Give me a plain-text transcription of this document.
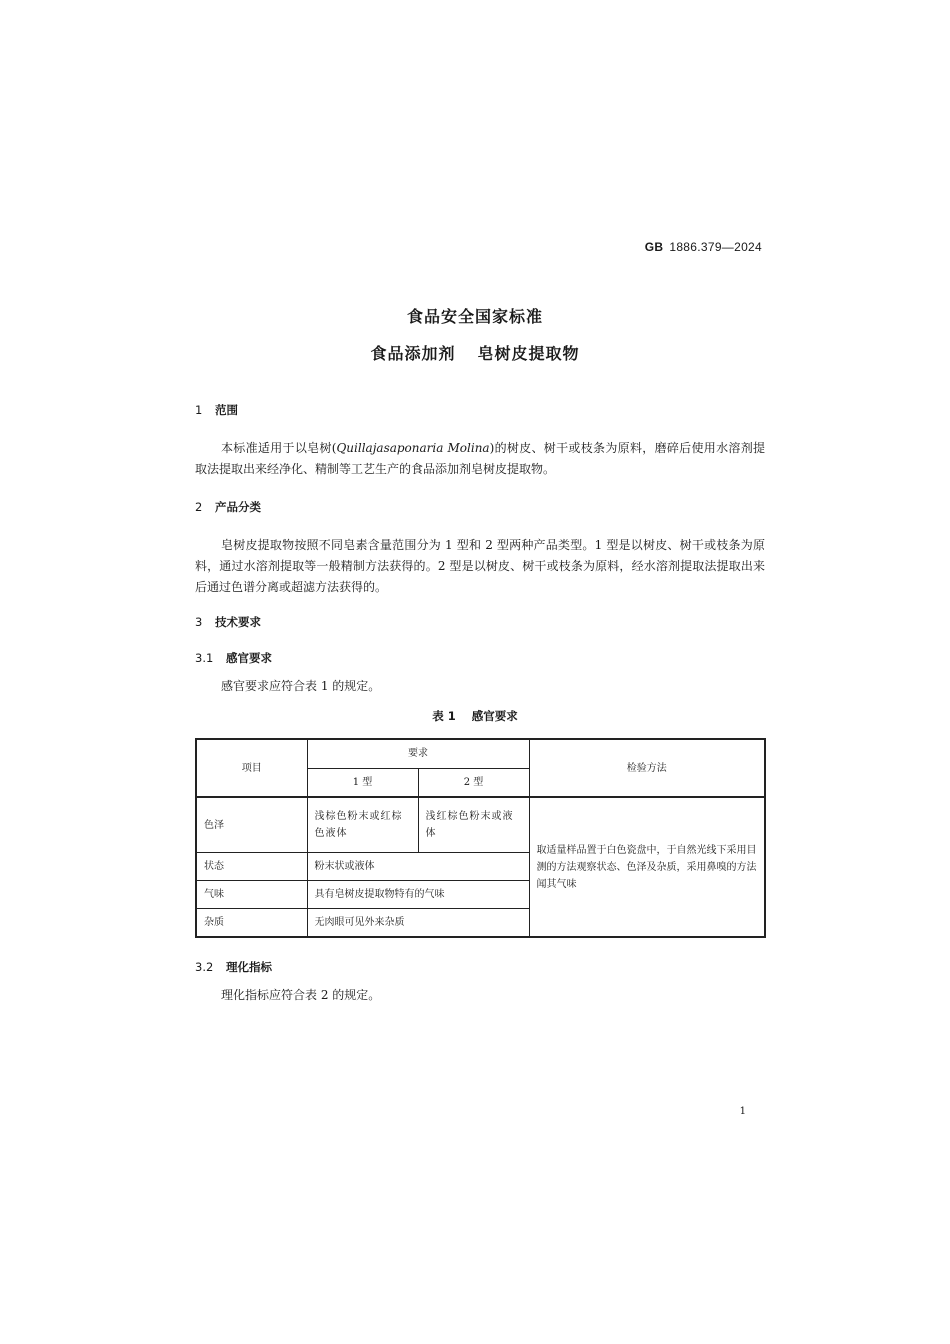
GB 1886.379—2024
食品安全国家标准
食品添加剂 皂树皮提取物
1 范围
本标准适用于以皂树(Quillajasaponaria Molina)的树皮、树干或枝条为原料，磨碎后使用水溶剂提取法提取出来经净化、精制等工艺生产的食品添加剂皂树皮提取物。
2 产品分类
皂树皮提取物按照不同皂素含量范围分为 1 型和 2 型两种产品类型。1 型是以树皮、树干或枝条为原料，通过水溶剂提取等一般精制方法获得的。2 型是以树皮、树干或枝条为原料，经水溶剂提取法提取出来后通过色谱分离或超滤方法获得的。
3 技术要求
3.1 感官要求
感官要求应符合表 1 的规定。
表 1 感官要求
项目	要求		检验方法
	1 型	2 型	
色泽	浅棕色粉末或红棕色液体	浅红棕色粉末或液体	取适量样品置于白色瓷盘中，于自然光线下采用目测的方法观察状态、色泽及杂质，采用鼻嗅的方法闻其气味
状态	粉末状或液体		
气味	具有皂树皮提取物特有的气味		
杂质	无肉眼可见外来杂质		
3.2 理化指标
理化指标应符合表 2 的规定。
1
